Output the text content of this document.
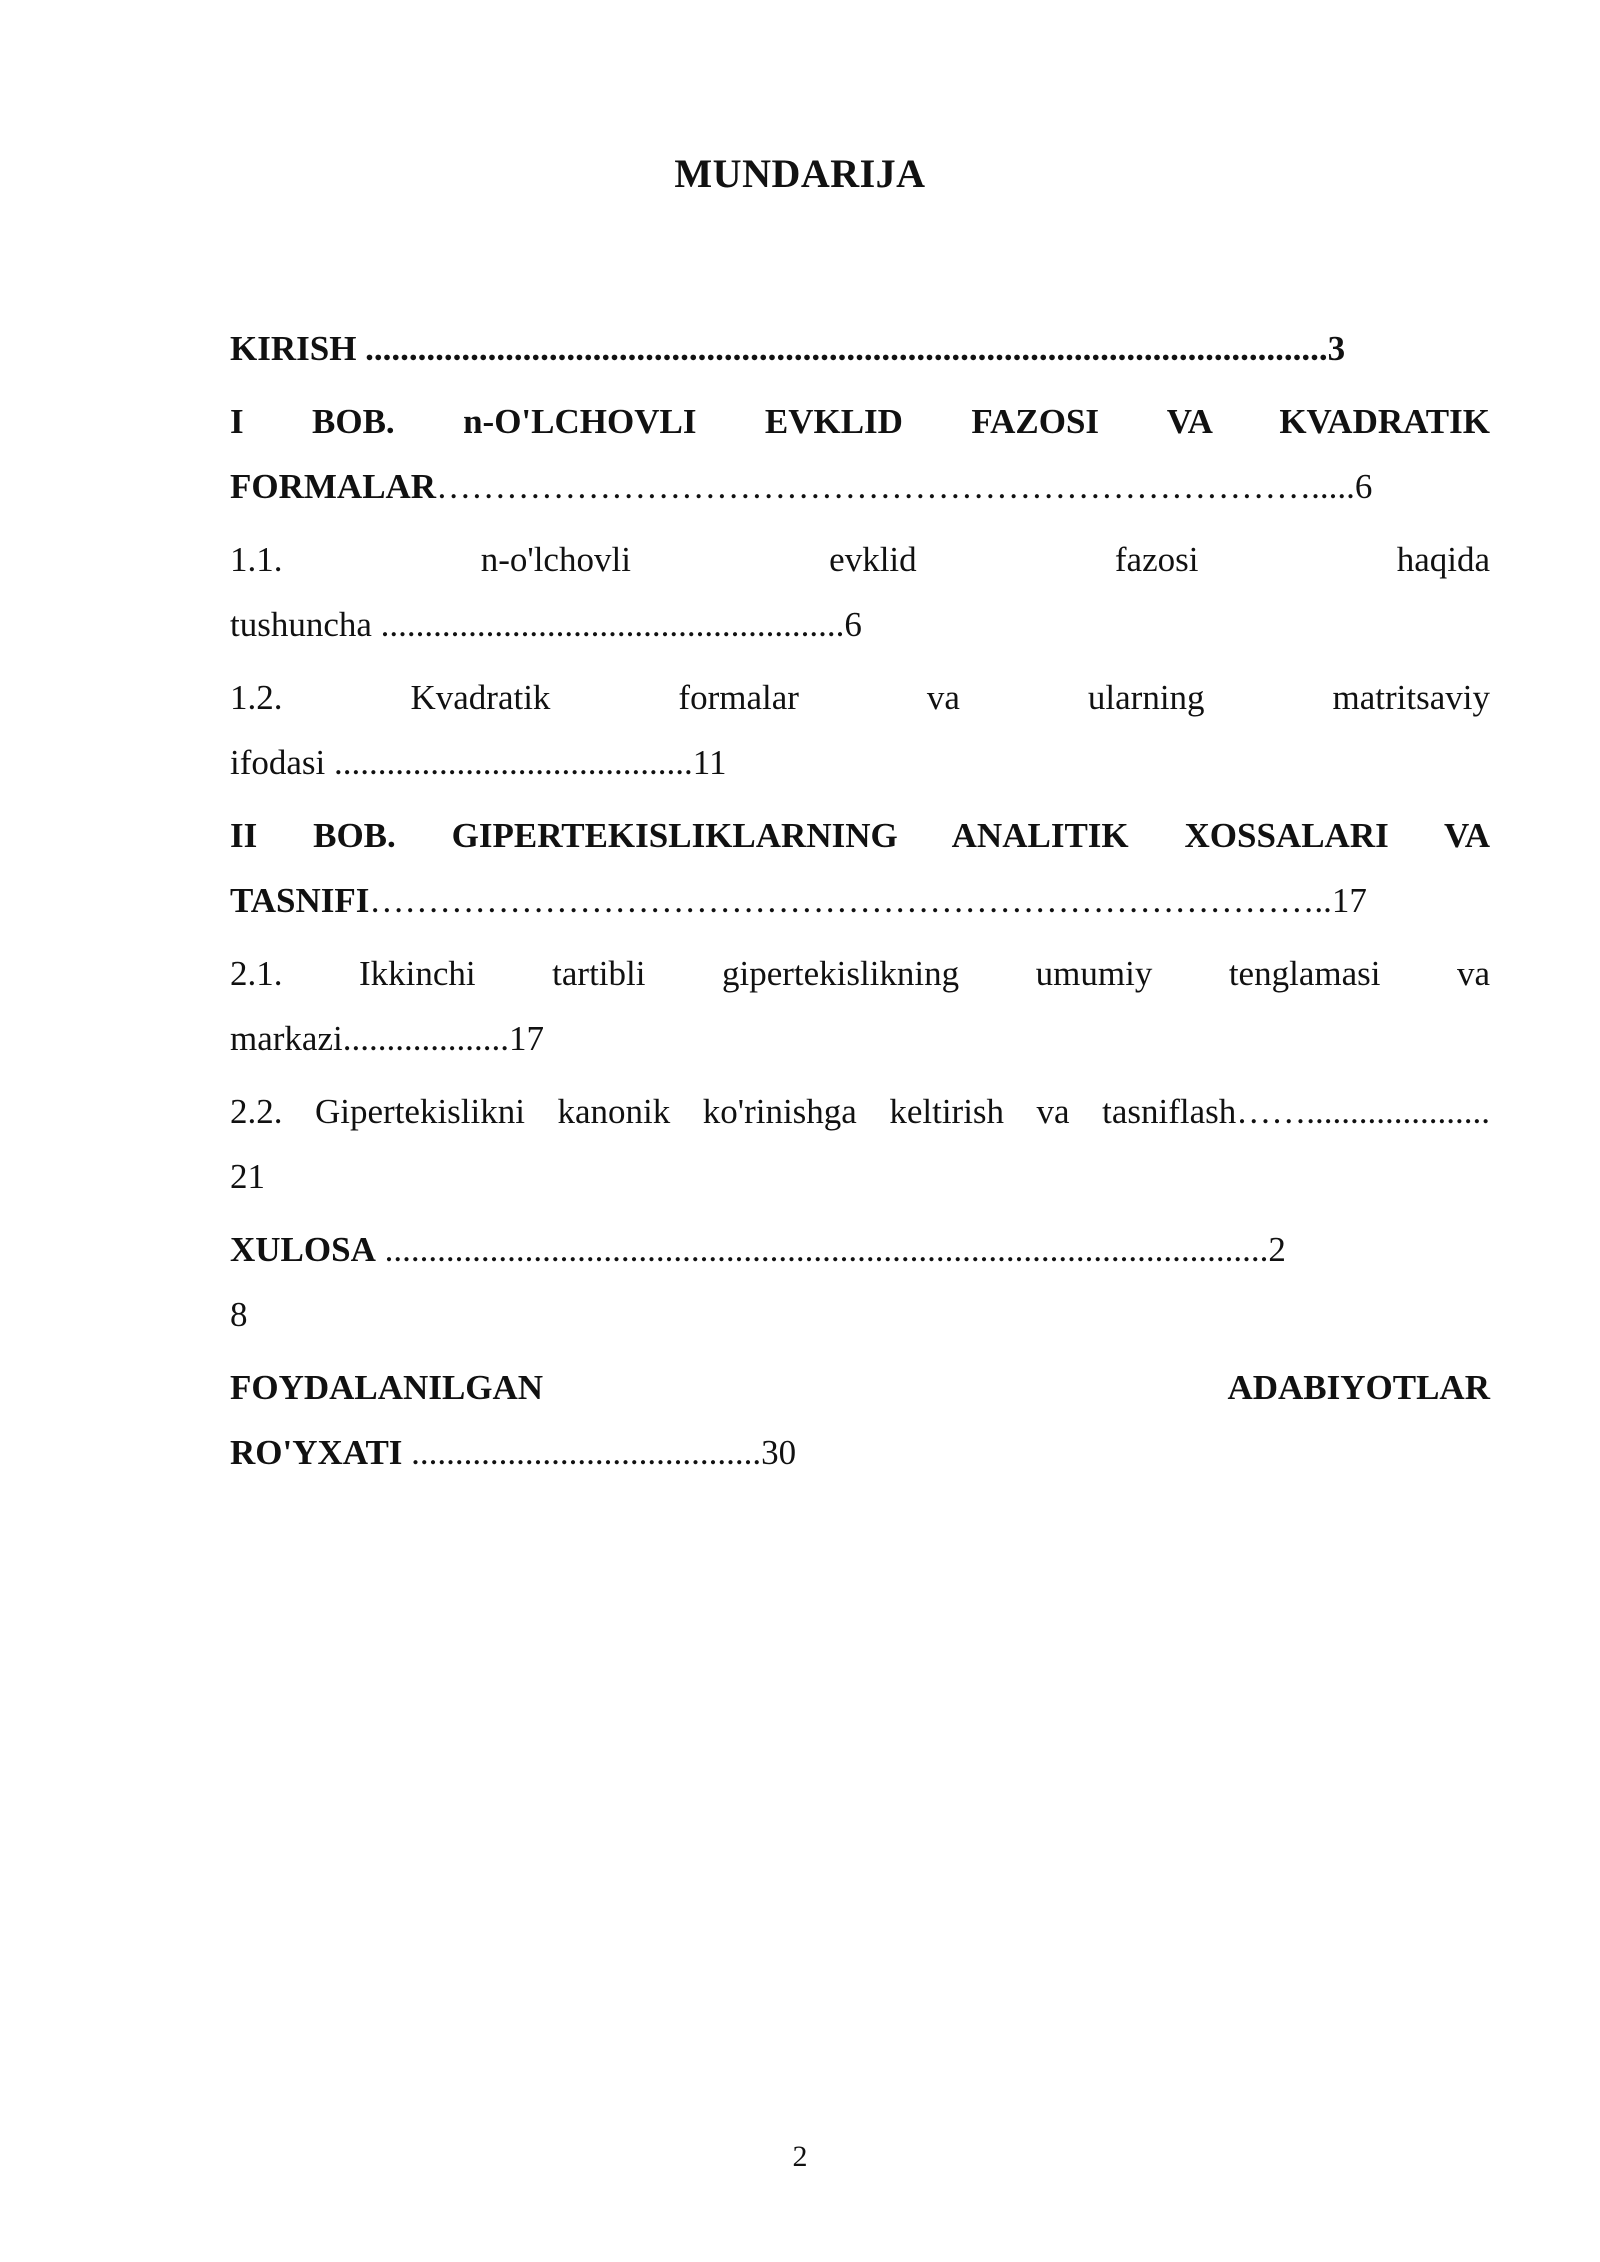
MUNDARIJA
KIRISH ..............................................................................................................3
I BOB. n-O'LCHOVLI EVKLID FAZOSI VA KVADRATIK
FORMALAR………………………………………………………………….....6
1.1. n-o'lchovli evklid fazosi haqida
tushuncha .....................................................6
1.2. Kvadratik formalar va ularning matritsaviy
ifodasi .........................................11
II BOB. GIPERTEKISLIKLARNING ANALITIK XOSSALARI VA
TASNIFI………………………………………………………………………..17
2.1. Ikkinchi tartibli gipertekislikning umumiy tenglamasi va
markazi...................17
2.2. Gipertekislikni kanonik ko'rinishga keltirish va tasniflash…….....................
21
XULOSA .....................................................................................................2
8
FOYDALANILGAN	ADABIYOTLAR
RO'YXATI ........................................30
2
